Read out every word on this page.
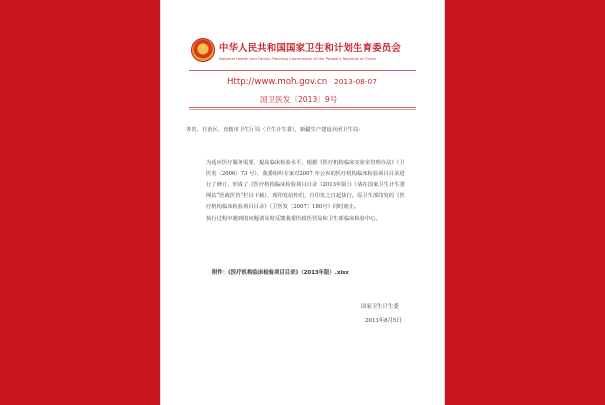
★
中华人民共和国国家卫生和计划生育委员会
National Health and Family Planning Commission of the People's Republic of China
Http://www.moh.gov.cn 2013-08-07
国卫医发〔2013〕9号
各省、自治区、直辖市卫生厅局（卫生计生委），新疆生产建设兵团卫生局：

为适应医疗服务需要，提高临床检验水平，根据《医疗机构临床实验室管理办法》（卫医发〔2006〕73 号），我委组织专家对2007 年公布的医疗机构临床检验项目目录进行了修订，形成了《医疗机构临床检验项目目录（2013年版）》（请在国家卫生计生委网站“医政医管”栏目下载），现印发给你们，自印发之日起执行。原卫生部印发的《医疗机构临床检验项目目录》（卫医发〔2007〕180号）同时废止。

执行过程中遇到的问题请及时反馈我委医政医管局和卫生部临床检验中心。

附件：《医疗机构临床检验项目目录》（2013年版）.xlsx
国家卫生计生委
2013年8月5日
